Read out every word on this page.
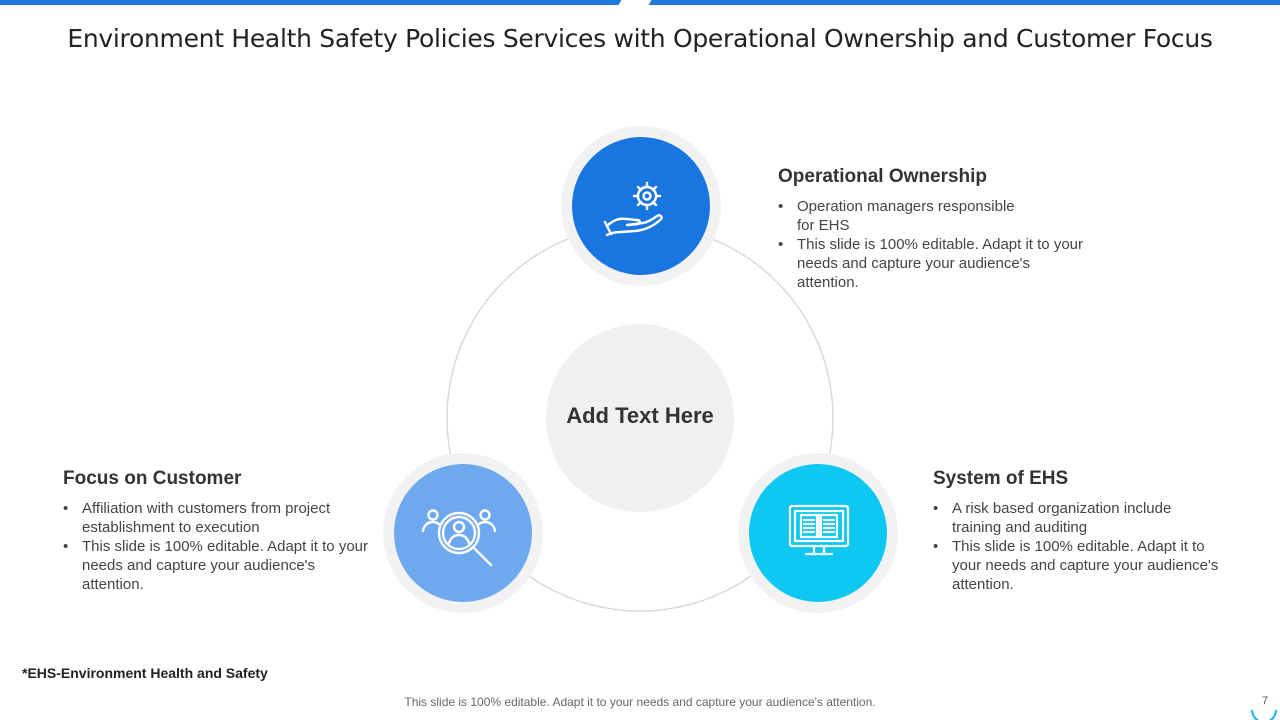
Environment Health Safety Policies Services with Operational Ownership and Customer Focus
Add Text Here
Operational Ownership
• Operation managers responsible  for EHS
• This slide is 100% editable. Adapt it to your needs and capture your audience's attention.
Focus on Customer
• Affiliation with customers from project establishment to execution
• This slide is 100% editable. Adapt it to your needs and capture your audience's attention.
System of EHS
• A risk based organization include training and auditing
• This slide is 100% editable. Adapt it to your needs and capture your audience's attention.
*EHS-Environment Health and Safety
This slide is 100% editable. Adapt it to your needs and capture your audience's attention.	7
